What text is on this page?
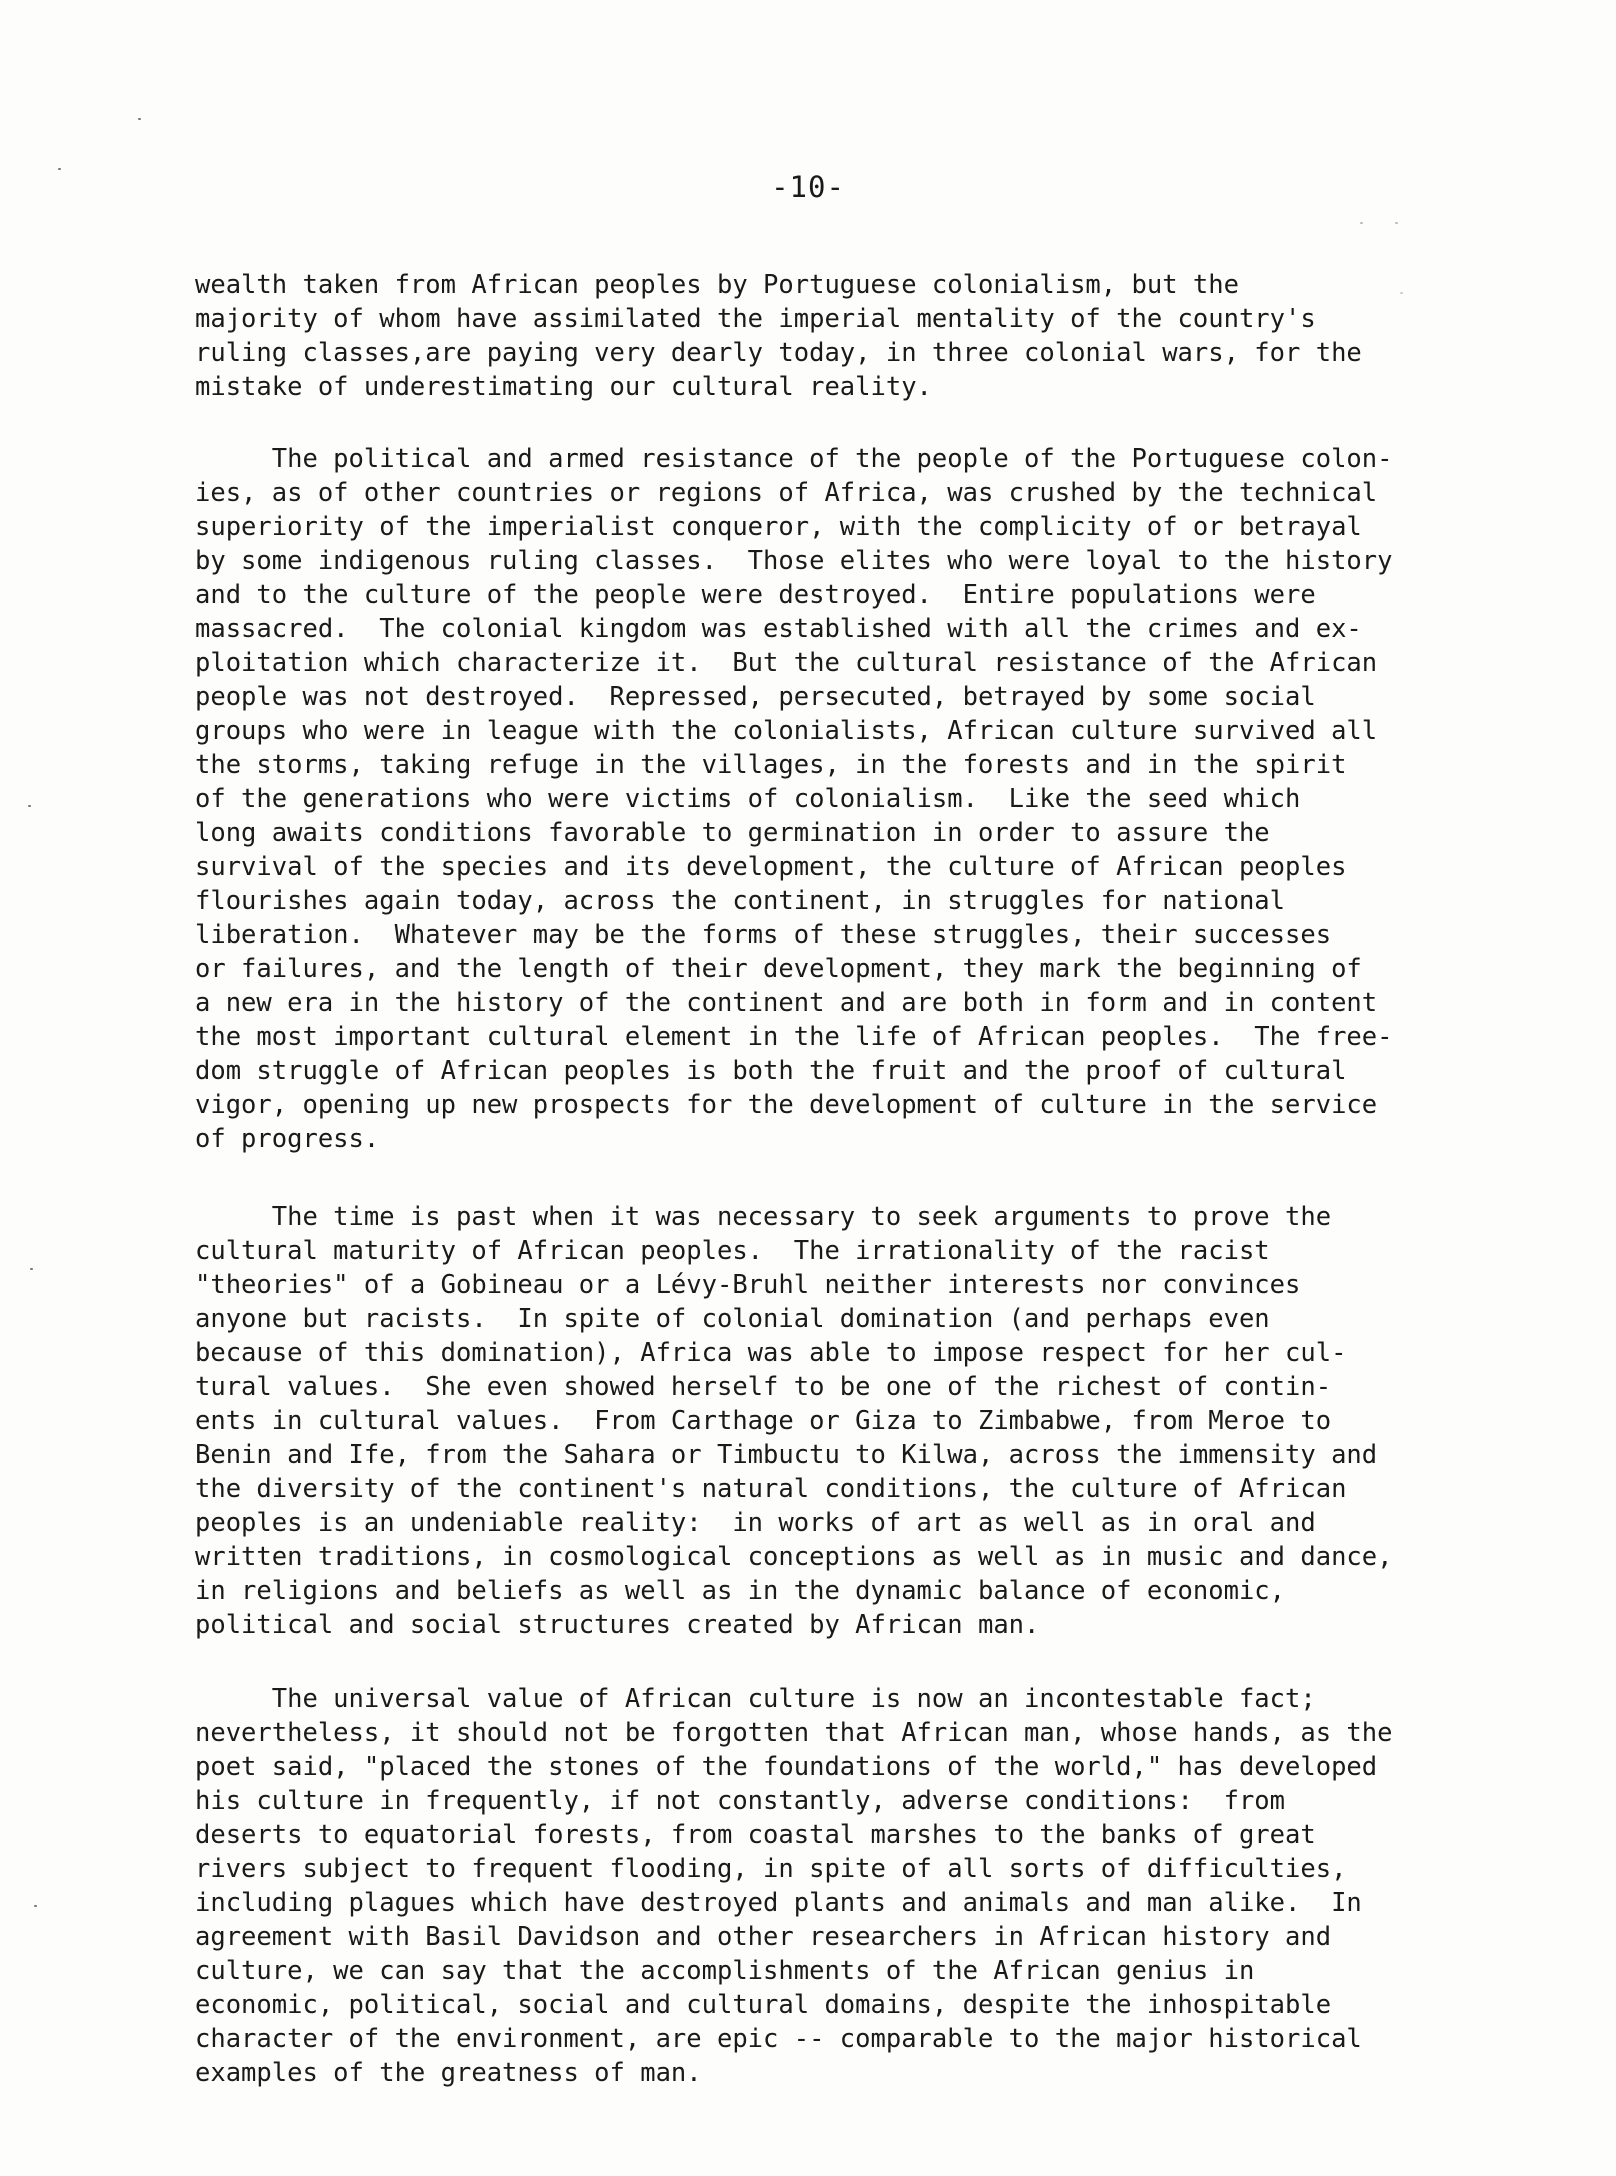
-10-

wealth taken from African peoples by Portuguese colonialism, but the
majority of whom have assimilated the imperial mentality of the country's
ruling classes,are paying very dearly today, in three colonial wars, for the
mistake of underestimating our cultural reality.

The political and armed resistance of the people of the Portuguese colon-
ies, as of other countries or regions of Africa, was crushed by the technical
superiority of the imperialist conqueror, with the complicity of or betrayal
by some indigenous ruling classes.  Those elites who were loyal to the history
and to the culture of the people were destroyed.  Entire populations were
massacred.  The colonial kingdom was established with all the crimes and ex-
ploitation which characterize it.  But the cultural resistance of the African
people was not destroyed.  Repressed, persecuted, betrayed by some social
groups who were in league with the colonialists, African culture survived all
the storms, taking refuge in the villages, in the forests and in the spirit
of the generations who were victims of colonialism.  Like the seed which
long awaits conditions favorable to germination in order to assure the
survival of the species and its development, the culture of African peoples
flourishes again today, across the continent, in struggles for national
liberation.  Whatever may be the forms of these struggles, their successes
or failures, and the length of their development, they mark the beginning of
a new era in the history of the continent and are both in form and in content
the most important cultural element in the life of African peoples.  The free-
dom struggle of African peoples is both the fruit and the proof of cultural
vigor, opening up new prospects for the development of culture in the service
of progress.

The time is past when it was necessary to seek arguments to prove the
cultural maturity of African peoples.  The irrationality of the racist
"theories" of a Gobineau or a Lévy-Bruhl neither interests nor convinces
anyone but racists.  In spite of colonial domination (and perhaps even
because of this domination), Africa was able to impose respect for her cul-
tural values.  She even showed herself to be one of the richest of contin-
ents in cultural values.  From Carthage or Giza to Zimbabwe, from Meroe to
Benin and Ife, from the Sahara or Timbuctu to Kilwa, across the immensity and
the diversity of the continent's natural conditions, the culture of African
peoples is an undeniable reality:  in works of art as well as in oral and
written traditions, in cosmological conceptions as well as in music and dance,
in religions and beliefs as well as in the dynamic balance of economic,
political and social structures created by African man.

The universal value of African culture is now an incontestable fact;
nevertheless, it should not be forgotten that African man, whose hands, as the
poet said, "placed the stones of the foundations of the world," has developed
his culture in frequently, if not constantly, adverse conditions:  from
deserts to equatorial forests, from coastal marshes to the banks of great
rivers subject to frequent flooding, in spite of all sorts of difficulties,
including plagues which have destroyed plants and animals and man alike.  In
agreement with Basil Davidson and other researchers in African history and
culture, we can say that the accomplishments of the African genius in
economic, political, social and cultural domains, despite the inhospitable
character of the environment, are epic -- comparable to the major historical
examples of the greatness of man.
